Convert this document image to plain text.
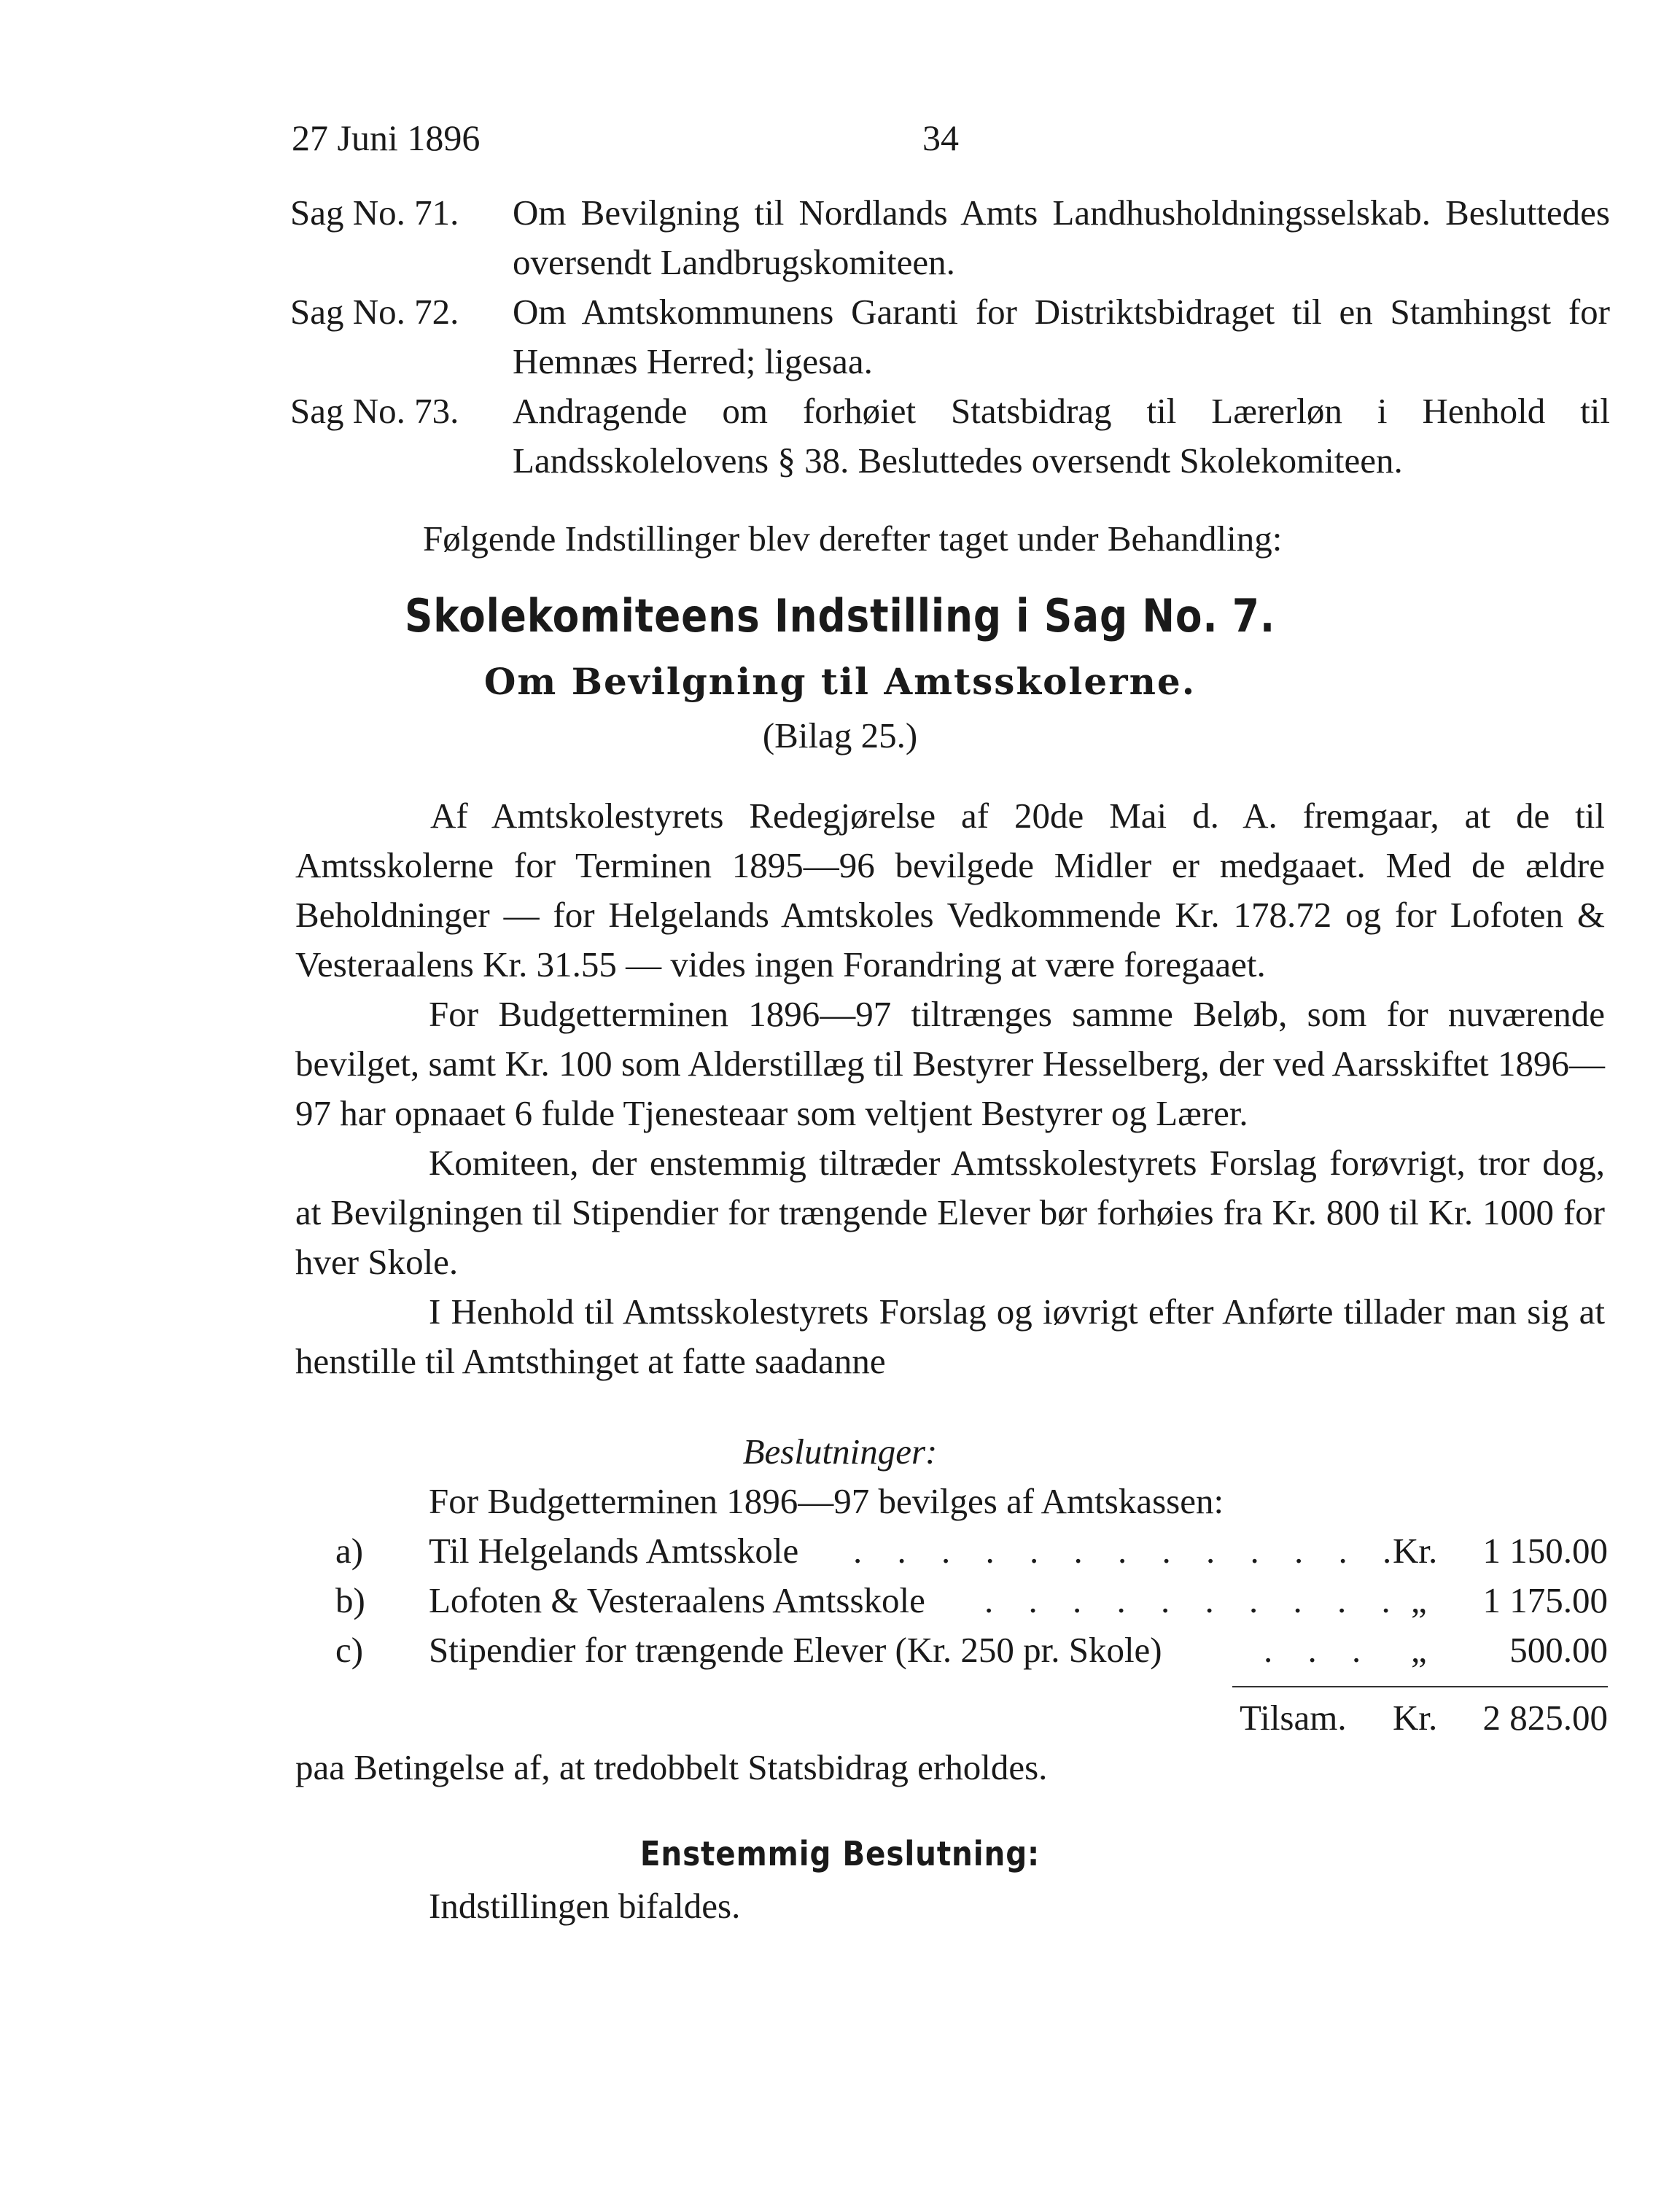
27 Juni 1896	34
Sag No. 71. Om Bevilgning til Nordlands Amts Landhusholdningsselskab. Besluttedes oversendt Landbrugskomiteen.
Sag No. 72. Om Amtskommunens Garanti for Distriktsbidraget til en Stamhingst for Hemnæs Herred; ligesaa.
Sag No. 73. Andragende om forhøiet Statsbidrag til Lærerløn i Henhold til Landsskolelovens § 38. Besluttedes oversendt Skolekomiteen.
Følgende Indstillinger blev derefter taget under Behandling:
Skolekomiteens Indstilling i Sag No. 7.
Om Bevilgning til Amtsskolerne.
(Bilag 25.)

Af Amtskolestyrets Redegjørelse af 20de Mai d. A. fremgaar, at de til Amtsskolerne for Terminen 1895—96 bevilgede Midler er medgaaet. Med de ældre Beholdninger — for Helgelands Amtskoles Vedkommende Kr. 178.72 og for Lofoten & Vesteraalens Kr. 31.55 — vides ingen Forandring at være foregaaet.

For Budgetterminen 1896—97 tiltrænges samme Beløb, som for nuværende bevilget, samt Kr. 100 som Alderstillæg til Bestyrer Hesselberg, der ved Aarsskiftet 1896—97 har opnaaet 6 fulde Tjenesteaar som veltjent Bestyrer og Lærer.

Komiteen, der enstemmig tiltræder Amtsskolestyrets Forslag forøvrigt, tror dog, at Bevilgningen til Stipendier for trængende Elever bør forhøies fra Kr. 800 til Kr. 1000 for hver Skole.

I Henhold til Amtsskolestyrets Forslag og iøvrigt efter Anførte tillader man sig at henstille til Amtsthinget at fatte saadanne

Beslutninger:
For Budgetterminen 1896—97 bevilges af Amtskassen:
a) Til Helgelands Amtsskole . . . . . . . . . . . . .
Kr. 1 150.00
b) Lofoten & Vesteraalens Amtsskole . . . . . . . . . . „ 1 175.00
c) Stipendier for trængende Elever (Kr. 250 pr. Skole)	. . . „ 500.00
Tilsam. Kr. 2 825.00
paa Betingelse af, at tredobbelt Statsbidrag erholdes.
Enstemmig Beslutning:
Indstillingen bifaldes.
